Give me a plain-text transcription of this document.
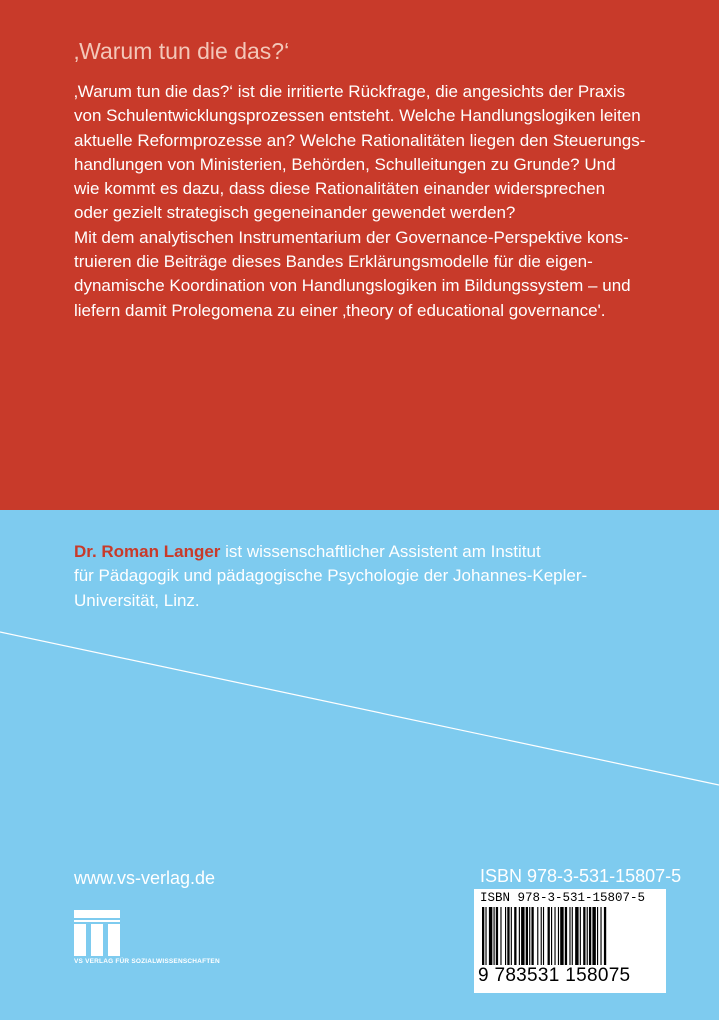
‚Warum tun die das?‘
‚Warum tun die das?‘ ist die irritierte Rückfrage, die angesichts der Praxis
von Schulentwicklungsprozessen entsteht. Welche Handlungslogiken leiten
aktuelle Reformprozesse an? Welche Rationalitäten liegen den Steuerungs-
handlungen von Ministerien, Behörden, Schulleitungen zu Grunde? Und
wie kommt es dazu, dass diese Rationalitäten einander widersprechen
oder gezielt strategisch gegeneinander gewendet werden?
Mit dem analytischen Instrumentarium der Governance-Perspektive kons-
truieren die Beiträge dieses Bandes Erklärungsmodelle für die eigen-
dynamische Koordination von Handlungslogiken im Bildungssystem – und
liefern damit Prolegomena zu einer ‚theory of educational governance'.
Dr. Roman Langer ist wissenschaftlicher Assistent am Institut
für Pädagogik und pädagogische Psychologie der Johannes-Kepler-
Universität, Linz.
www.vs-verlag.de
VS VERLAG FÜR SOZIALWISSENSCHAFTEN
ISBN 978-3-531-15807-5
ISBN 978-3-531-15807-5
9 783531 158075
